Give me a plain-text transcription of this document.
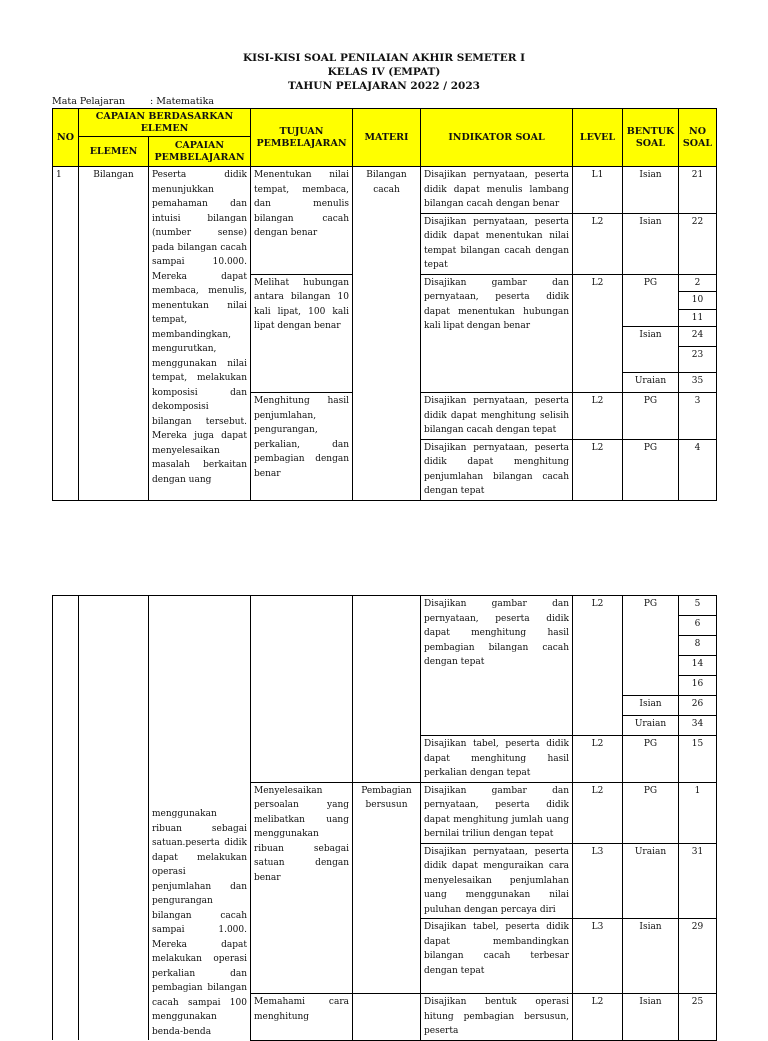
KISI-KISI SOAL PENILAIAN AKHIR SEMETER I
KELAS IV (EMPAT)
TAHUN PELAJARAN 2022 / 2023
Mata Pelajaran	: Matematika
NO	CAPAIAN BERDASARKAN ELEMEN		TUJUAN PEMBELAJARAN	MATERI	INDIKATOR SOAL	LEVEL	BENTUK SOAL	NO SOAL
	ELEMEN	CAPAIAN PEMBELAJARAN						
1	Bilangan	Peserta didik menunjukkan pemahaman dan intuisi bilangan (number sense) pada bilangan cacah sampai 10.000. Mereka dapat membaca, menulis, menentukan nilai tempat, membandingkan, mengurutkan, menggunakan nilai tempat, melakukan komposisi dan dekomposisi bilangan tersebut. Mereka juga dapat menyelesaikan masalah berkaitan dengan uang	Menentukan nilai tempat, membaca, dan menulis bilangan cacah dengan benar	Bilangan cacah	Disajikan pernyataan, peserta didik dapat menulis lambang bilangan cacah dengan benar	L1	Isian	21
					Disajikan pernyataan, peserta didik dapat menentukan nilai tempat bilangan cacah dengan tepat	L2	Isian	22
			Melihat hubungan antara bilangan 10 kali lipat, 100 kali lipat dengan benar		Disajikan gambar dan pernyataan, peserta didik dapat menentukan hubungan kali lipat dengan benar	L2	PG	2
								10
								11
							Isian	24
								23
							Uraian	35

			Menghitung hasil penjumlahan, pengurangan, perkalian, dan pembagian dengan benar		Disajikan pernyataan, peserta didik dapat menghitung selisih bilangan cacah dengan tepat	L2	PG	3
					Disajikan pernyataan, peserta didik dapat menghitung penjumlahan bilangan cacah dengan tepat	L2	PG	4
		menggunakan ribuan sebagai satuan.peserta didik dapat melakukan operasi penjumlahan dan pengurangan bilangan cacah sampai 1.000. Mereka dapat melakukan operasi perkalian dan pembagian bilangan cacah sampai 100 menggunakan benda-benda			Disajikan gambar dan pernyataan, peserta didik dapat menghitung hasil pembagian bilangan cacah dengan tepat	L2	PG	5
								6
								8
								14
								16
							Isian	26
							Uraian	34
					Disajikan tabel, peserta didik dapat menghitung hasil perkalian dengan tepat	L2	PG	15
			Menyelesaikan persoalan yang melibatkan uang menggunakan ribuan sebagai satuan dengan benar	Pembagian bersusun	Disajikan gambar dan pernyataan, peserta didik dapat menghitung jumlah uang bernilai triliun dengan tepat	L2	PG	1
					Disajikan pernyataan, peserta didik dapat menguraikan cara menyelesaikan penjumlahan uang menggunakan nilai puluhan dengan percaya diri	L3	Uraian	31
					Disajikan tabel, peserta didik dapat membandingkan bilangan cacah terbesar dengan tepat	L3	Isian	29
			Memahami cara menghitung		Disajikan bentuk operasi hitung pembagian bersusun, peserta	L2	Isian	25
